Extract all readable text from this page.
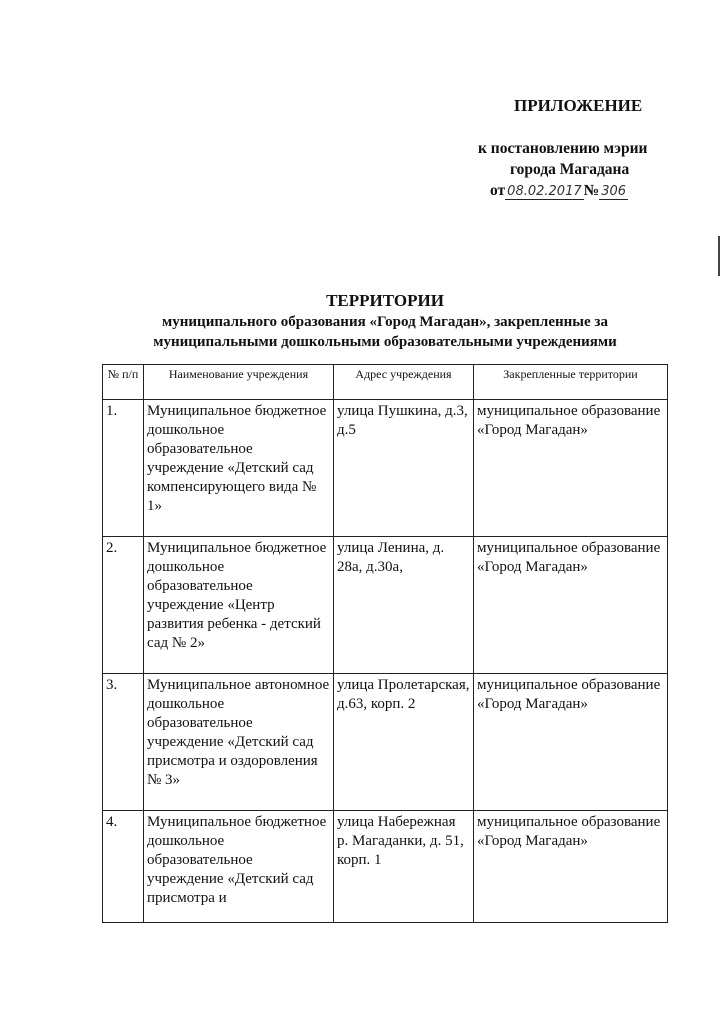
ПРИЛОЖЕНИЕ
к постановлению мэрии
города Магадана
от 08.02.2017 № 306
ТЕРРИТОРИИ
муниципального образования «Город Магадан», закрепленные за
муниципальными дошкольными образовательными учреждениями
№ п/п	Наименование учреждения	Адрес учреждения	Закрепленные территории
1.	Муниципальное бюджетное дошкольное образовательное учреждение «Детский сад компенсирующего вида № 1»	улица Пушкина, д.3, д.5	муниципальное образование «Город Магадан»
2.	Муниципальное бюджетное дошкольное образовательное учреждение «Центр развития ребенка - детский сад № 2»	улица Ленина, д. 28а, д.30а,	муниципальное образование «Город Магадан»
3.	Муниципальное автономное дошкольное образовательное учреждение «Детский сад присмотра и оздоровления № 3»	улица Пролетарская, д.63, корп. 2	муниципальное образование «Город Магадан»
4.	Муниципальное бюджетное дошкольное образовательное учреждение «Детский сад присмотра и	улица Набережная р. Магаданки, д. 51, корп. 1	муниципальное образование «Город Магадан»
